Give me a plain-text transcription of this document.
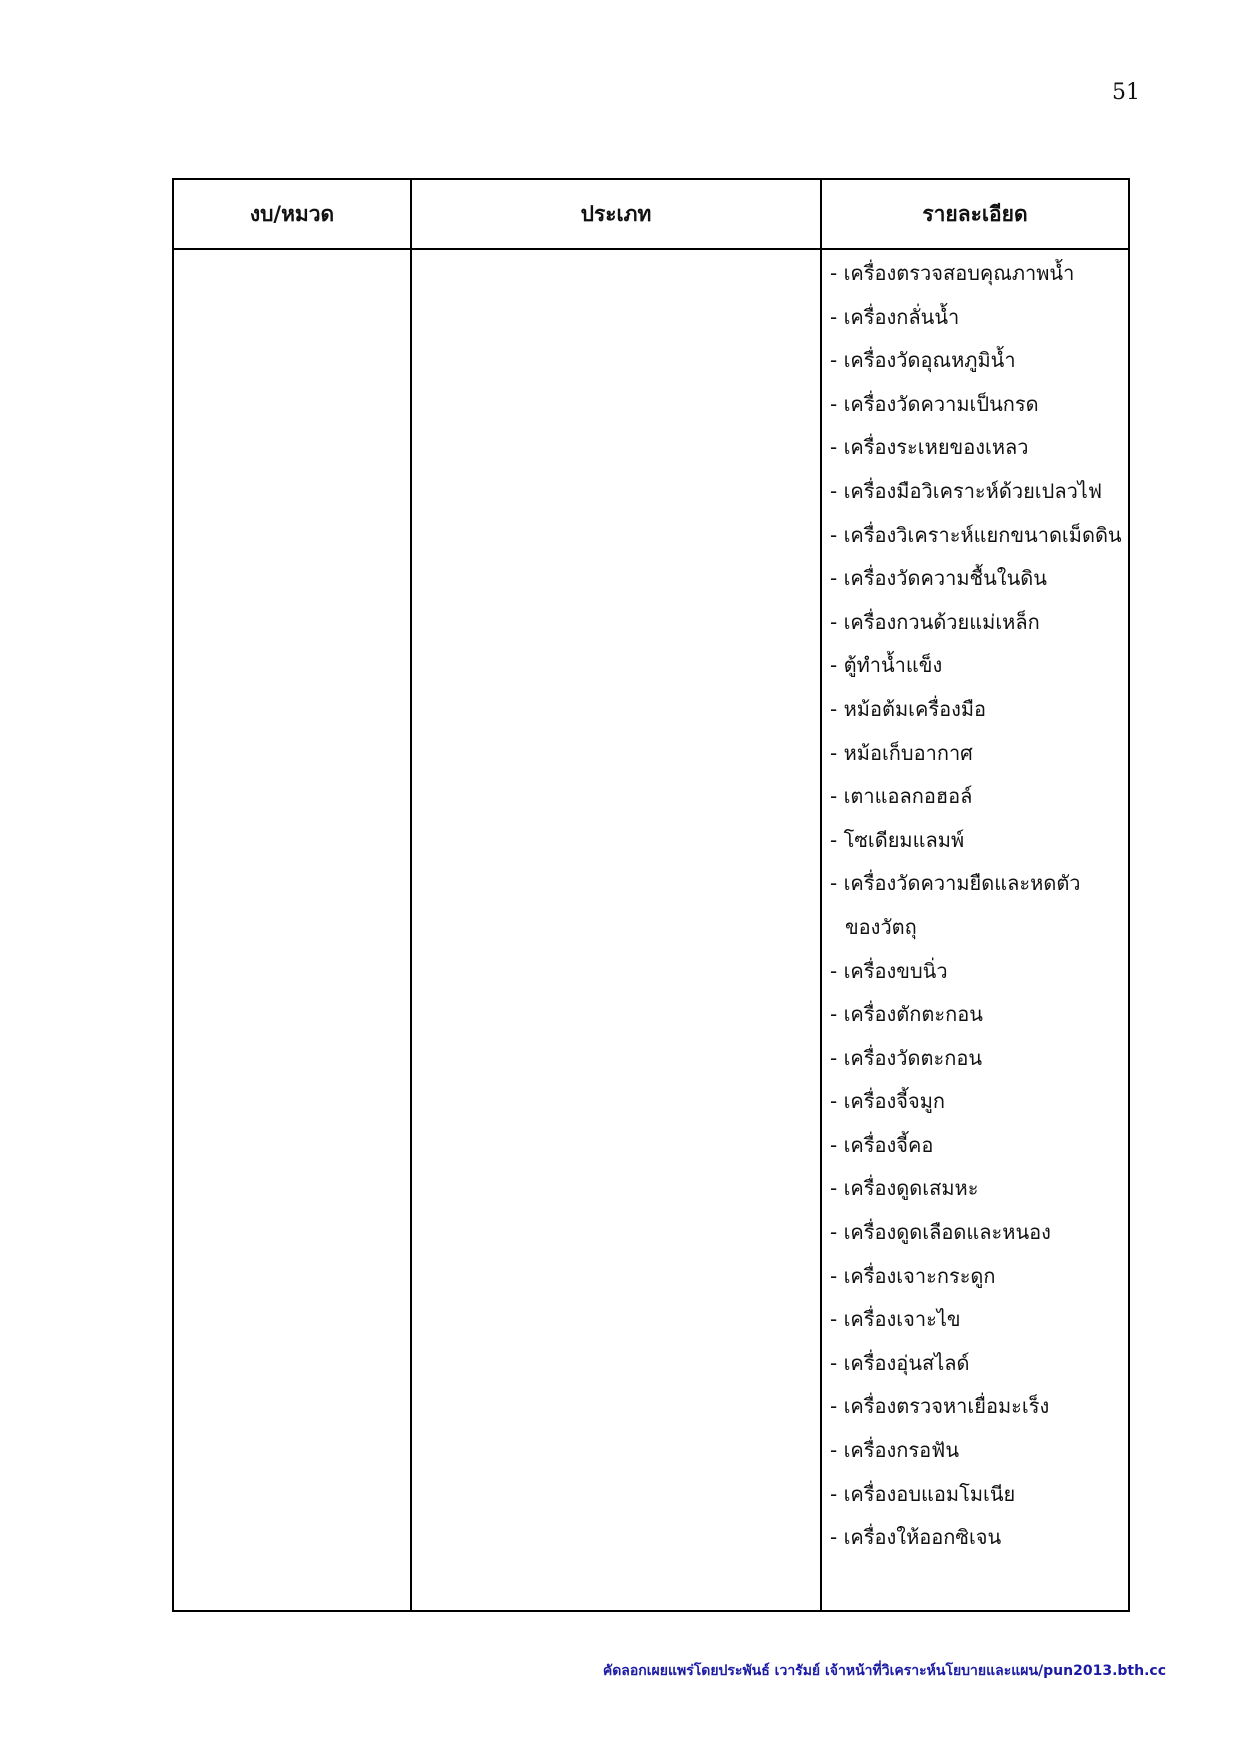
51
งบ/หมวด	ประเภท	รายละเอียด
- เครื่องตรวจสอบคุณภาพน้ำ
- เครื่องกลั่นน้ำ
- เครื่องวัดอุณหภูมิน้ำ
- เครื่องวัดความเป็นกรด
- เครื่องระเหยของเหลว
- เครื่องมือวิเคราะห์ด้วยเปลวไฟ
- เครื่องวิเคราะห์แยกขนาดเม็ดดิน
- เครื่องวัดความชื้นในดิน
- เครื่องกวนด้วยแม่เหล็ก
- ตู้ทำน้ำแข็ง
- หม้อต้มเครื่องมือ
- หม้อเก็บอากาศ
- เตาแอลกอฮอล์
- โซเดียมแลมพ์
- เครื่องวัดความยืดและหดตัว
ของวัตถุ
- เครื่องขบนิ่ว
- เครื่องตักตะกอน
- เครื่องวัดตะกอน
- เครื่องจี้จมูก
- เครื่องจี้คอ
- เครื่องดูดเสมหะ
- เครื่องดูดเลือดและหนอง
- เครื่องเจาะกระดูก
- เครื่องเจาะไข
- เครื่องอุ่นสไลด์
- เครื่องตรวจหาเยื่อมะเร็ง
- เครื่องกรอฟัน
- เครื่องอบแอมโมเนีย
- เครื่องให้ออกซิเจน
คัดลอกเผยแพร่โดยประพันธ์ เวารัมย์ เจ้าหน้าที่วิเคราะห์นโยบายและแผน/pun2013.bth.cc
